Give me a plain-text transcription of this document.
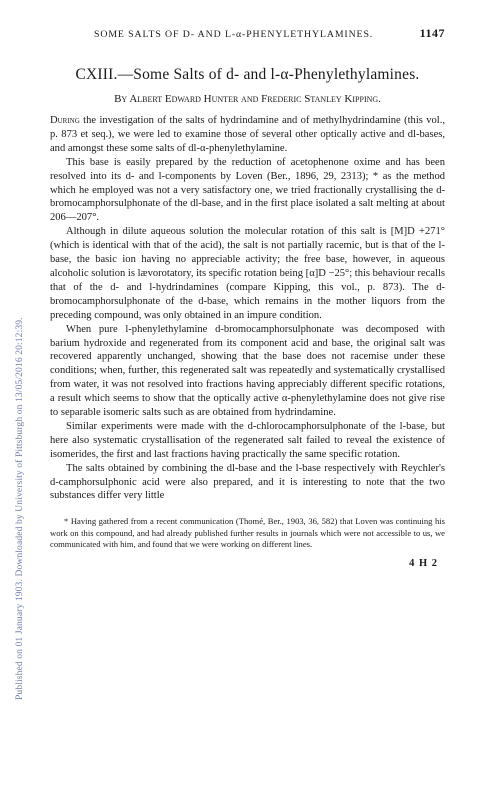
Published on 01 January 1903. Downloaded by University of Pittsburgh on 13/05/2016 20:12:39.
SOME SALTS OF D- AND L-α-PHENYLETHYLAMINES.	1147
CXIII.—Some Salts of d- and l-α-Phenylethylamines.
By Albert Edward Hunter and Frederic Stanley Kipping.

During the investigation of the salts of hydrindamine and of methylhydrindamine (this vol., p. 873 et seq.), we were led to examine those of several other optically active and dl-bases, and amongst these some salts of dl-α-phenylethylamine.

This base is easily prepared by the reduction of acetophenone oxime and has been resolved into its d- and l-components by Loven (Ber., 1896, 29, 2313); * as the method which he employed was not a very satisfactory one, we tried fractionally crystallising the d-bromocamphorsulphonate of the dl-base, and in the first place isolated a salt melting at about 206—207°.

Although in dilute aqueous solution the molecular rotation of this salt is [M]D +271° (which is identical with that of the acid), the salt is not partially racemic, but is that of the l-base, the basic ion having no appreciable activity; the free base, however, in aqueous alcoholic solution is lævorotatory, its specific rotation being [α]D −25°; this behaviour recalls that of the d- and l-hydrindamines (compare Kipping, this vol., p. 873). The d-bromocamphorsulphonate of the d-base, which remains in the mother liquors from the preceding compound, was only obtained in an impure condition.

When pure l-phenylethylamine d-bromocamphorsulphonate was decomposed with barium hydroxide and regenerated from its component acid and base, the original salt was recovered apparently unchanged, showing that the base does not racemise under these conditions; when, further, this regenerated salt was repeatedly and systematically crystallised from water, it was not resolved into fractions having appreciably different specific rotations, a result which seems to show that the optically active α-phenylethylamine does not give rise to separable isomeric salts such as are obtained from hydrindamine.

Similar experiments were made with the d-chlorocamphorsulphonate of the l-base, but here also systematic crystallisation of the regenerated salt failed to reveal the existence of isomerides, the first and last fractions having practically the same specific rotation.

The salts obtained by combining the dl-base and the l-base respectively with Reychler's d-camphorsulphonic acid were also prepared, and it is interesting to note that the two substances differ very little

* Having gathered from a recent communication (Thomé, Ber., 1903, 36, 582) that Loven was continuing his work on this compound, and had already published further results in journals which were not accessible to us, we communicated with him, and found that we were working on different lines.

4 H 2
